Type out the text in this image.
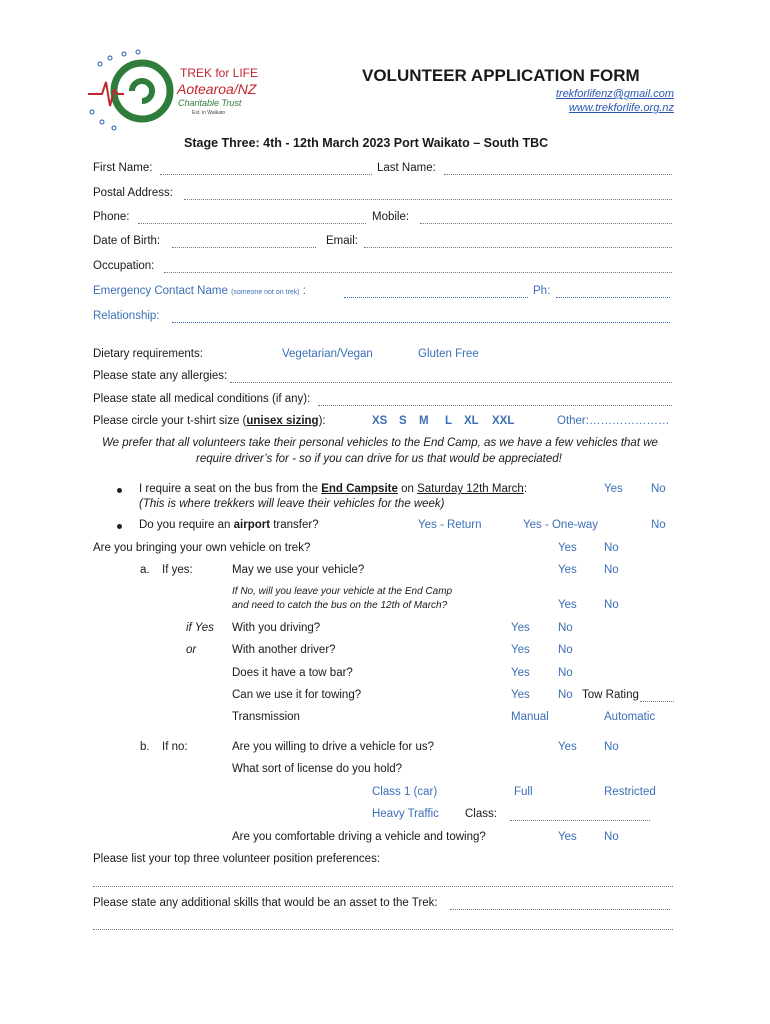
TREK for LIFE
Aotearoa/NZ
Charitable Trust
Est. in Waikato
VOLUNTEER APPLICATION FORM
trekforlifenz@gmail.com
www.trekforlife.org.nz
Stage Three: 4th - 12th March 2023 Port Waikato – South TBC
First Name:	Last Name:
Postal Address:
Phone:	Mobile:
Date of Birth:	Email:
Occupation:
Emergency Contact Name (someone not on trek) :	Ph:
Relationship:
Dietary requirements:	Vegetarian/Vegan	Gluten Free
Please state any allergies:
Please state all medical conditions (if any):
Please circle your t-shirt size (unisex sizing):	XS S M L XL XXL	Other:…………………
We prefer that all volunteers take their personal vehicles to the End Camp, as we have a few vehicles that we
require driver’s for - so if you can drive for us that would be appreciated!
I require a seat on the bus from the End Campsite on Saturday 12th March:
(This is where trekkers will leave their vehicles for the week)
Yes No
Do you require an airport transfer?	Yes - Return	Yes - One-way	No
Are you bringing your own vehicle on trek?	Yes No
a. If yes:	May we use your vehicle?	Yes No
If No, will you leave your vehicle at the End Camp
and need to catch the bus on the 12th of March?	Yes No
if Yes With you driving?	Yes No
or	With another driver?	Yes No
Does it have a tow bar?	Yes No
Can we use it for towing?	Yes No Tow Rating
Transmission	Manual	Automatic
b. If no:	Are you willing to drive a vehicle for us?	Yes No
What sort of license do you hold?
Class 1 (car)	Full	Restricted
Heavy Traffic Class:
Are you comfortable driving a vehicle and towing?	Yes No
Please list your top three volunteer position preferences:
Please state any additional skills that would be an asset to the Trek:
